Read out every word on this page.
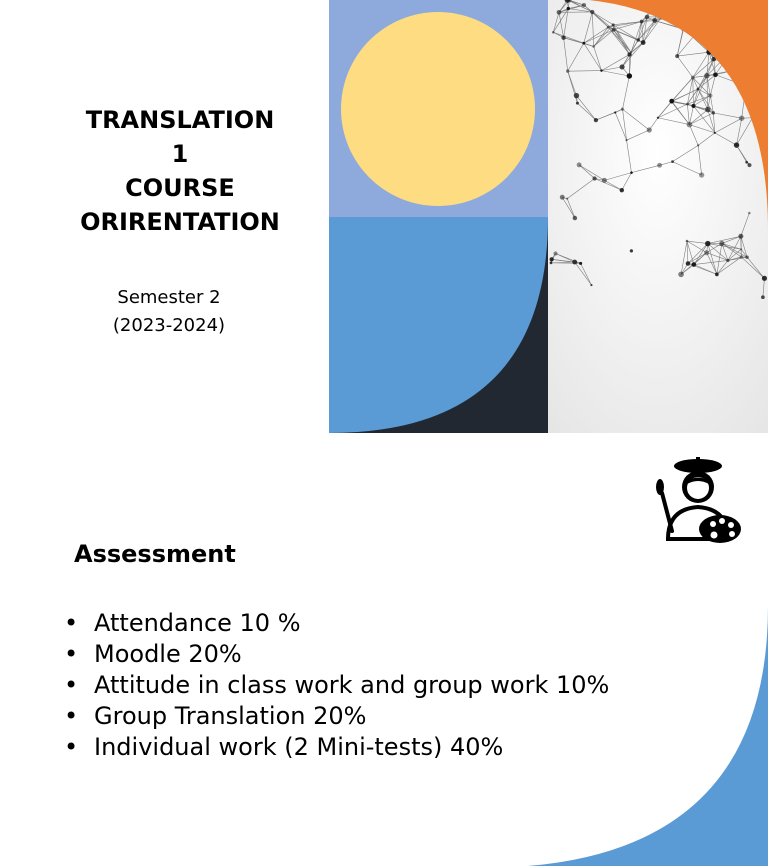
TRANSLATION
1
COURSE
ORIRENTATION
Semester 2
(2023-2024)
Assessment
• Attendance 10 %
• Moodle 20%
• Attitude in class work and group work 10%
• Group Translation 20%
• Individual work (2 Mini-tests) 40%
